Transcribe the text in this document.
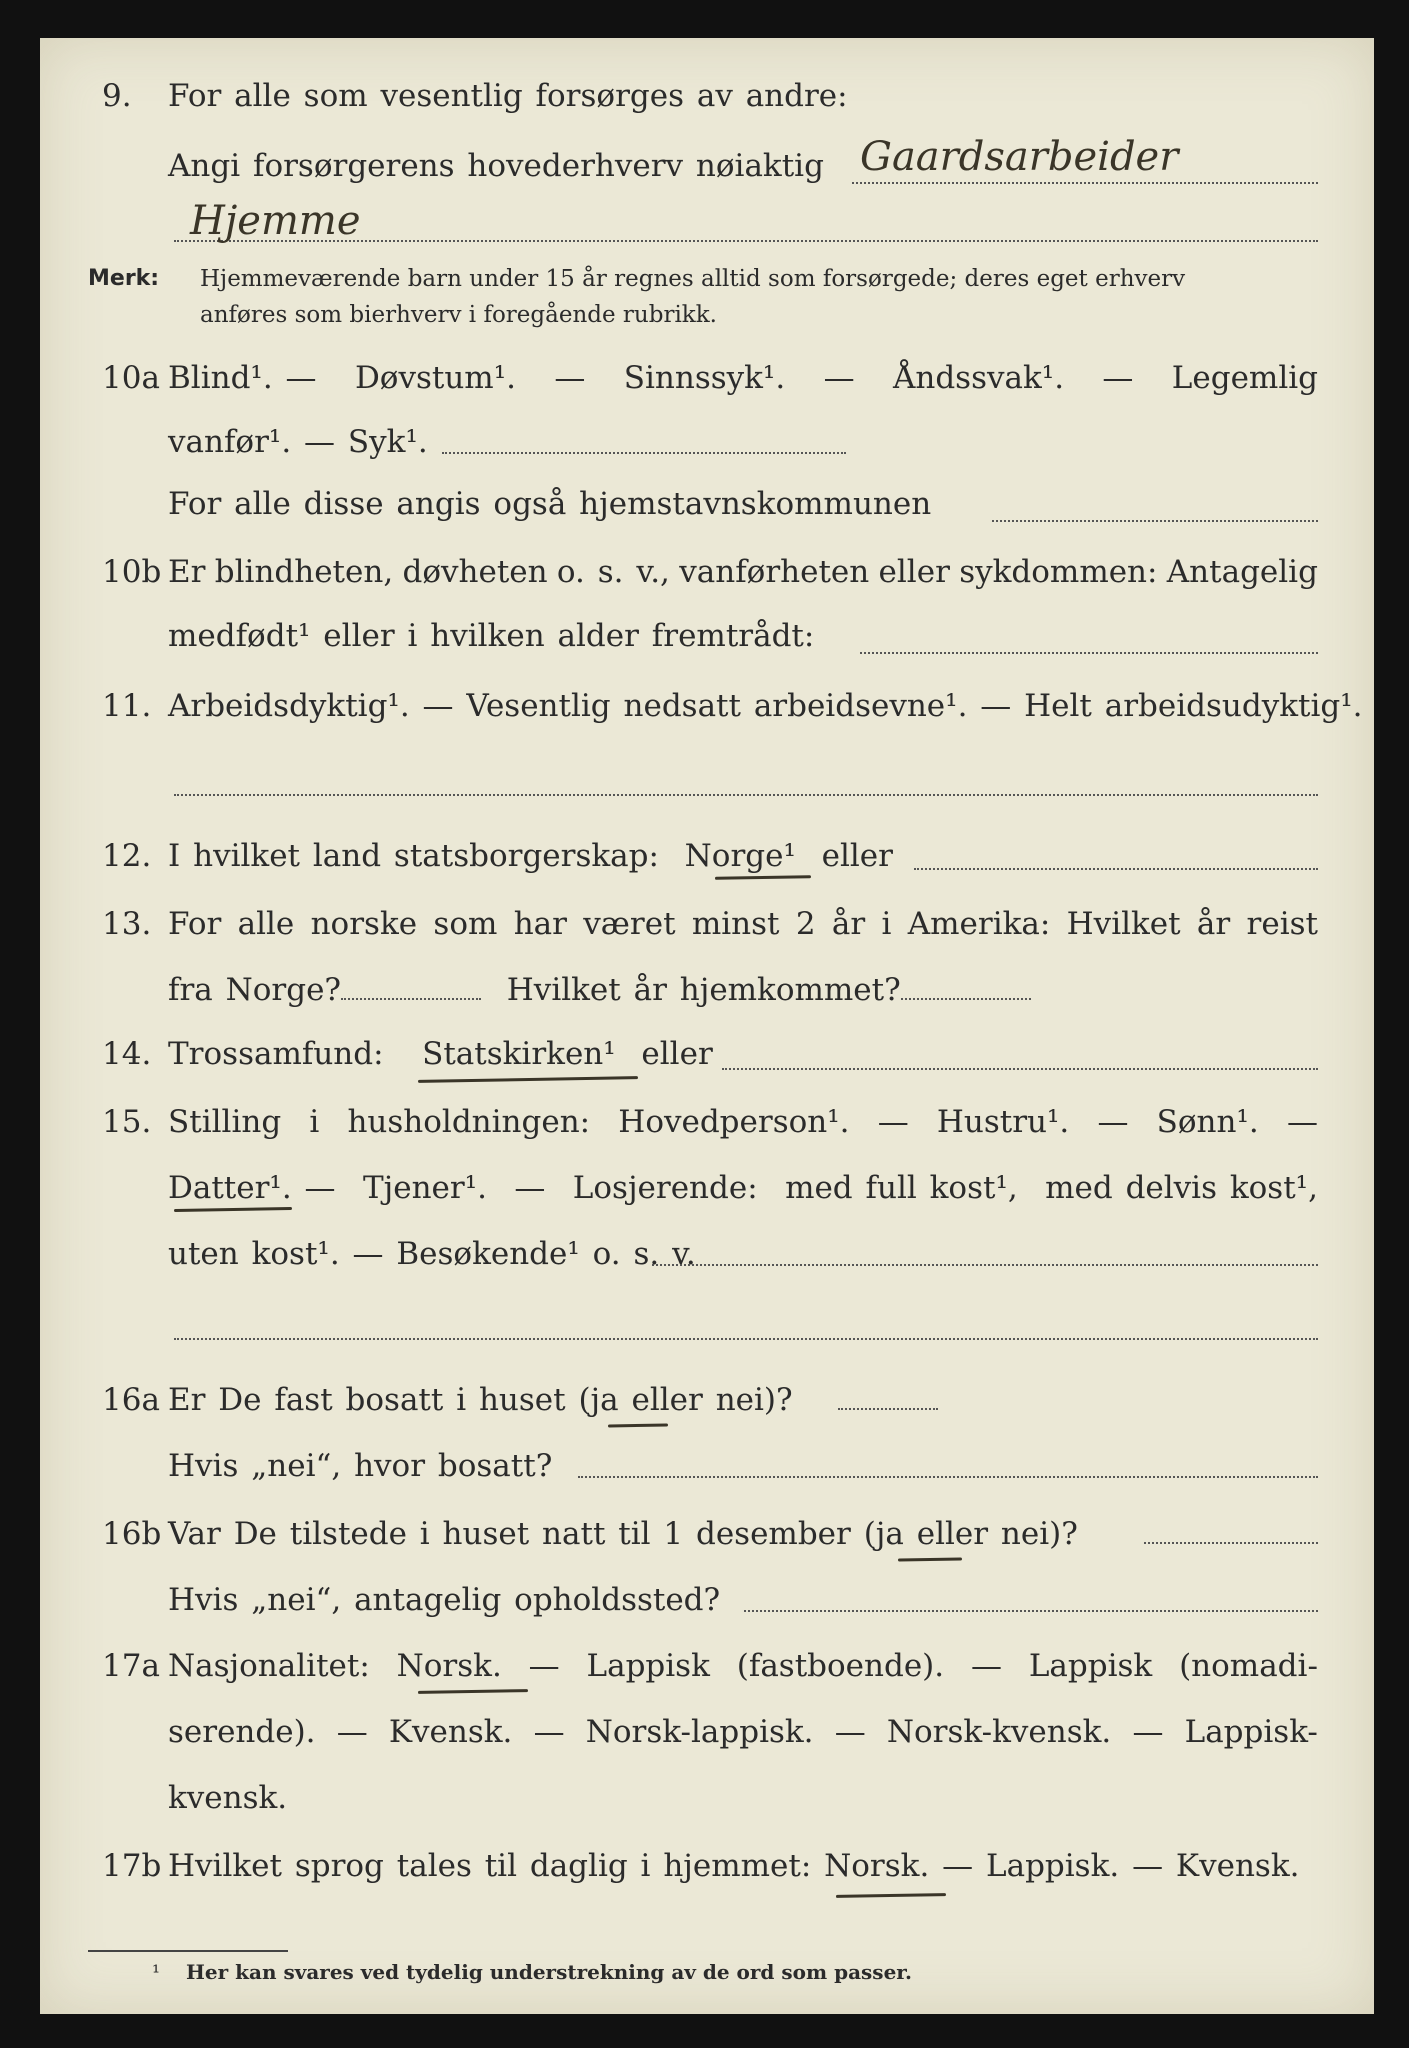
9. For alle som vesentlig forsørges av andre:
Angi forsørgerens hovederhverv nøiaktig Gaardsarbeider
Hjemme
Merk: Hjemmeværende barn under 15 år regnes alltid som forsørgede; deres eget erhverv
anføres som bierhverv i foregående rubrikk.
10a Blind¹. — Døvstum¹. — Sinnssyk¹. — Åndssvak¹. — Legemlig
vanfør¹. — Syk¹.
For alle disse angis også hjemstavnskommunen
10b Er blindheten, døvheten o. s. v., vanførheten eller sykdommen: Antagelig
medfødt¹ eller i hvilken alder fremtrådt:
11. Arbeidsdyktig¹. — Vesentlig nedsatt arbeidsevne¹. — Helt arbeidsudyktig¹.
12. I hvilket land statsborgerskap: Norge¹ eller
13. For alle norske som har været minst 2 år i Amerika: Hvilket år reist
fra Norge?	Hvilket år hjemkommet?
14. Trossamfund: Statskirken¹ eller
15. Stilling i husholdningen: Hovedperson¹. — Hustru¹. — Sønn¹. —
Datter¹. — Tjener¹. — Losjerende: med full kost¹, med delvis kost¹,
uten kost¹. — Besøkende¹ o. s. v.
16a Er De fast bosatt i huset (ja eller nei)?
Hvis „nei“, hvor bosatt?
16b Var De tilstede i huset natt til 1 desember (ja eller nei)?
Hvis „nei“, antagelig opholdssted?
17a Nasjonalitet: Norsk. — Lappisk (fastboende). — Lappisk (nomadi-
serende). — Kvensk. — Norsk-lappisk. — Norsk-kvensk. — Lappisk-
kvensk.
17b Hvilket sprog tales til daglig i hjemmet: Norsk. — Lappisk. — Kvensk.
¹ Her kan svares ved tydelig understrekning av de ord som passer.
